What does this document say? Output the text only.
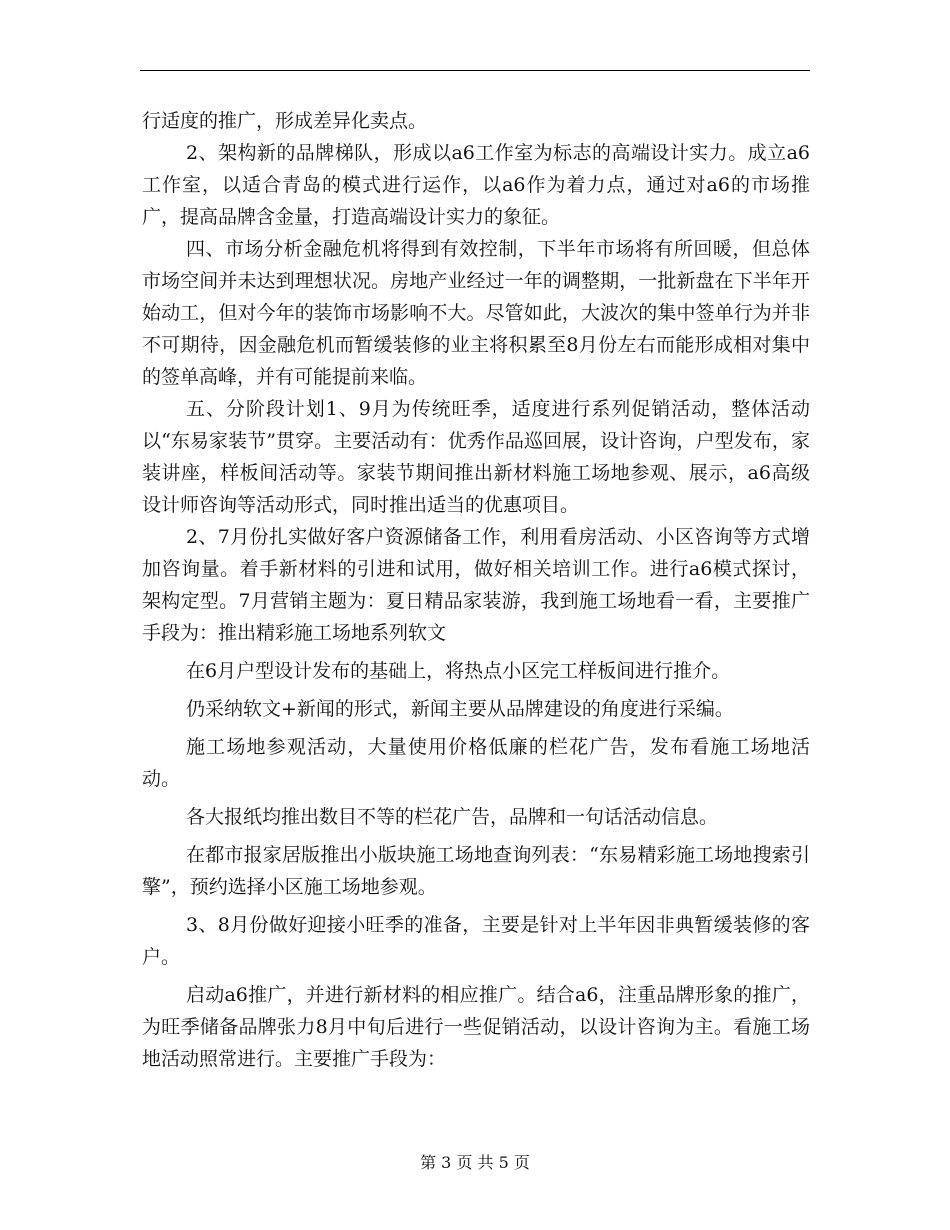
行适度的推广，形成差异化卖点。

2、架构新的品牌梯队，形成以a6工作室为标志的高端设计实力。成立a6工作室，以适合青岛的模式进行运作，以a6作为着力点，通过对a6的市场推广，提高品牌含金量，打造高端设计实力的象征。

四、市场分析金融危机将得到有效控制，下半年市场将有所回暖，但总体市场空间并未达到理想状况。房地产业经过一年的调整期，一批新盘在下半年开始动工，但对今年的装饰市场影响不大。尽管如此，大波次的集中签单行为并非不可期待，因金融危机而暂缓装修的业主将积累至8月份左右而能形成相对集中的签单高峰，并有可能提前来临。

五、分阶段计划1、9月为传统旺季，适度进行系列促销活动，整体活动以“东易家装节”贯穿。主要活动有：优秀作品巡回展，设计咨询，户型发布，家装讲座，样板间活动等。家装节期间推出新材料施工场地参观、展示，a6高级设计师咨询等活动形式，同时推出适当的优惠项目。

2、7月份扎实做好客户资源储备工作，利用看房活动、小区咨询等方式增加咨询量。着手新材料的引进和试用，做好相关培训工作。进行a6模式探讨，架构定型。7月营销主题为：夏日精品家装游，我到施工场地看一看，主要推广手段为：推出精彩施工场地系列软文

在6月户型设计发布的基础上，将热点小区完工样板间进行推介。

仍采纳软文+新闻的形式，新闻主要从品牌建设的角度进行采编。

施工场地参观活动，大量使用价格低廉的栏花广告，发布看施工场地活动。

各大报纸均推出数目不等的栏花广告，品牌和一句话活动信息。

在都市报家居版推出小版块施工场地查询列表：“东易精彩施工场地搜索引擎”，预约选择小区施工场地参观。

3、8月份做好迎接小旺季的准备，主要是针对上半年因非典暂缓装修的客户。

启动a6推广，并进行新材料的相应推广。结合a6，注重品牌形象的推广，为旺季储备品牌张力8月中旬后进行一些促销活动，以设计咨询为主。看施工场地活动照常进行。主要推广手段为：

第 3 页 共 5 页
